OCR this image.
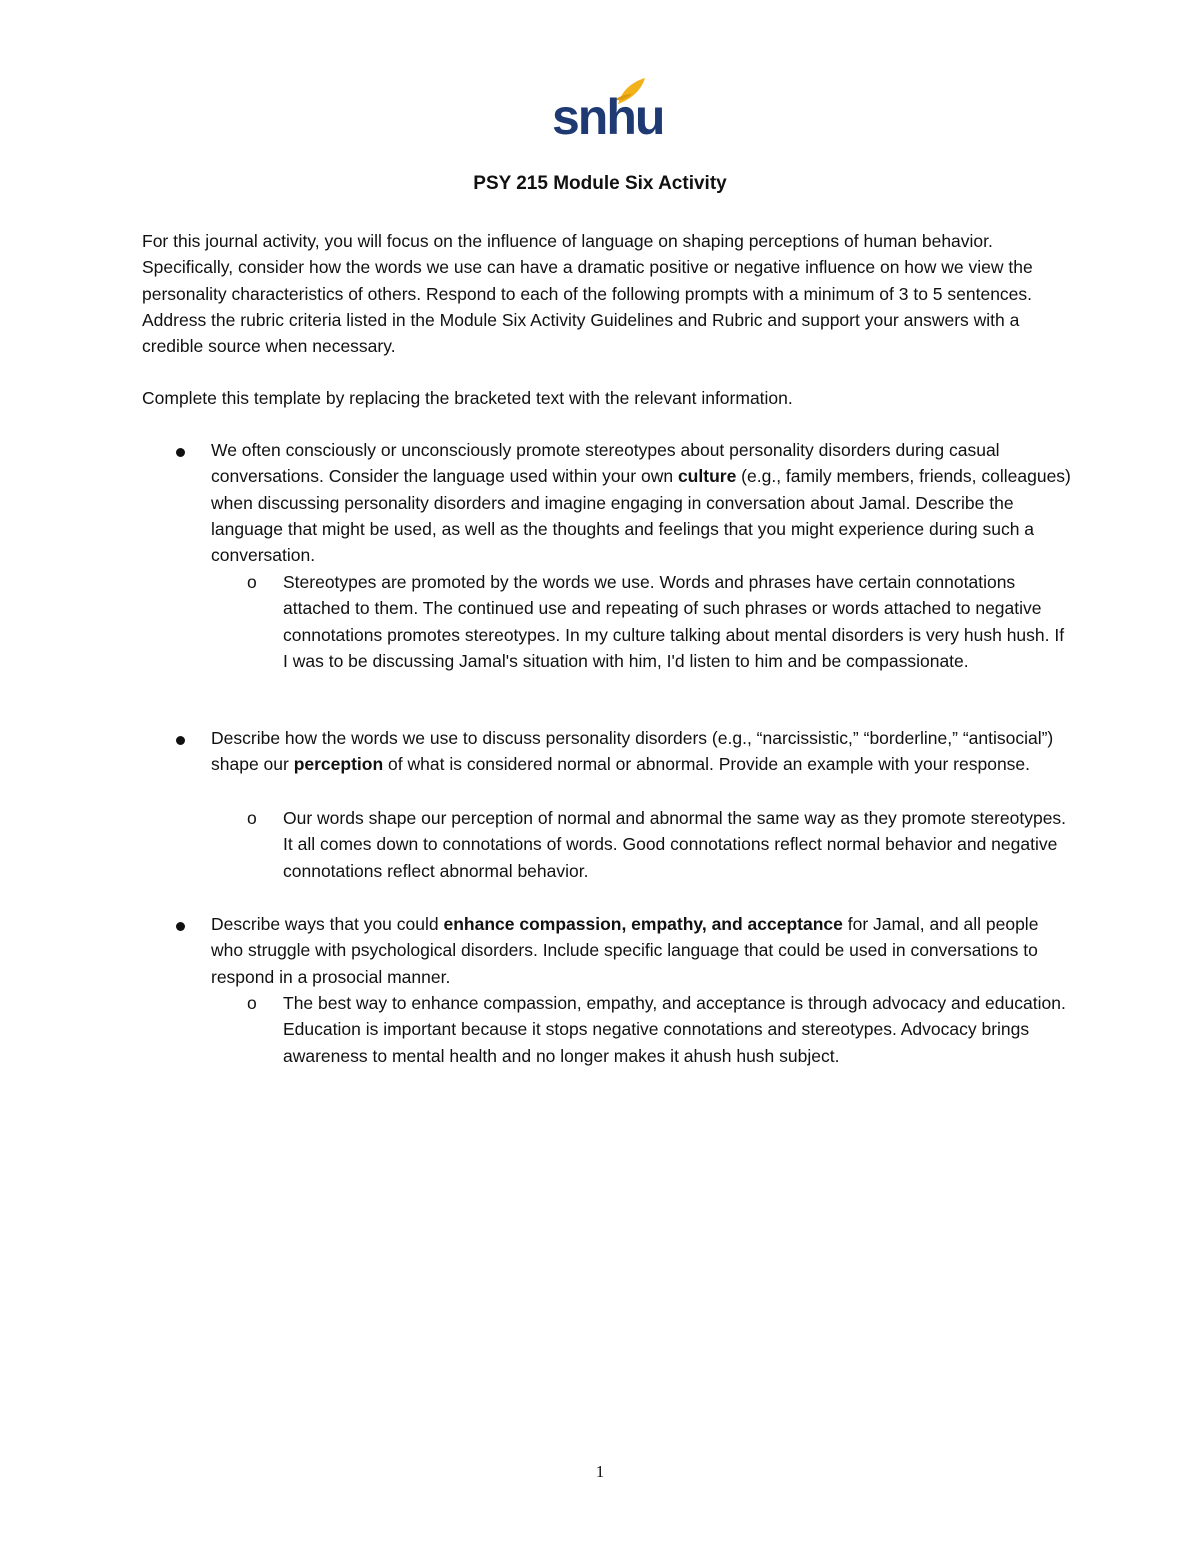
snhu
PSY 215 Module Six Activity
For this journal activity, you will focus on the influence of language on shaping perceptions of human behavior. Specifically, consider how the words we use can have a dramatic positive or negative influence on how we view the personality characteristics of others. Respond to each of the following prompts with a minimum of 3 to 5 sentences. Address the rubric criteria listed in the Module Six Activity Guidelines and Rubric and support your answers with a credible source when necessary.
Complete this template by replacing the bracketed text with the relevant information.
We often consciously or unconsciously promote stereotypes about personality disorders during casual conversations. Consider the language used within your own culture (e.g., family members, friends, colleagues) when discussing personality disorders and imagine engaging in conversation about Jamal. Describe the language that might be used, as well as the thoughts and feelings that you might experience during such a conversation.
o Stereotypes are promoted by the words we use. Words and phrases have certain connotations attached to them. The continued use and repeating of such phrases or words attached to negative connotations promotes stereotypes. In my culture talking about mental disorders is very hush hush. If I was to be discussing Jamal's situation with him, I'd listen to him and be compassionate.
Describe how the words we use to discuss personality disorders (e.g., “narcissistic,” “borderline,” “antisocial”) shape our perception of what is considered normal or abnormal. Provide an example with your response.
o Our words shape our perception of normal and abnormal the same way as they promote stereotypes. It all comes down to connotations of words. Good connotations reflect normal behavior and negative connotations reflect abnormal behavior.
Describe ways that you could enhance compassion, empathy, and acceptance for Jamal, and all people who struggle with psychological disorders. Include specific language that could be used in conversations to respond in a prosocial manner.
o The best way to enhance compassion, empathy, and acceptance is through advocacy and education. Education is important because it stops negative connotations and stereotypes. Advocacy brings awareness to mental health and no longer makes it ahush hush subject.
1
